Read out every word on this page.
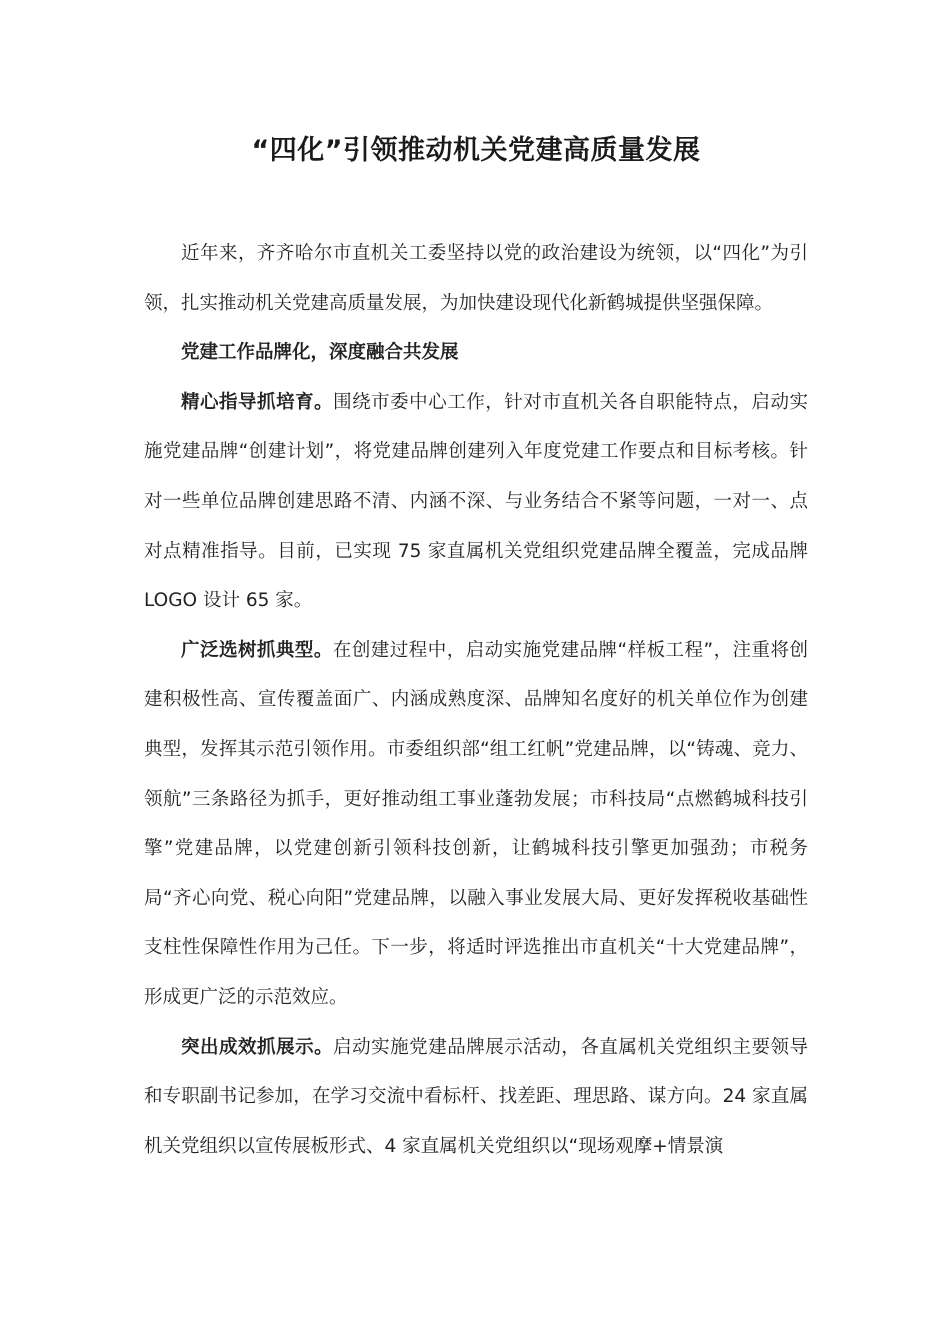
“四化”引领推动机关党建高质量发展

近年来，齐齐哈尔市直机关工委坚持以党的政治建设为统领，以“四化”为引领，扎实推动机关党建高质量发展，为加快建设现代化新鹤城提供坚强保障。

党建工作品牌化，深度融合共发展

精心指导抓培育。围绕市委中心工作，针对市直机关各自职能特点，启动实施党建品牌“创建计划”，将党建品牌创建列入年度党建工作要点和目标考核。针对一些单位品牌创建思路不清、内涵不深、与业务结合不紧等问题，一对一、点对点精准指导。目前，已实现 75 家直属机关党组织党建品牌全覆盖，完成品牌 LOGO 设计 65 家。

广泛选树抓典型。在创建过程中，启动实施党建品牌“样板工程”，注重将创建积极性高、宣传覆盖面广、内涵成熟度深、品牌知名度好的机关单位作为创建典型，发挥其示范引领作用。市委组织部“组工红帆”党建品牌，以“铸魂、竞力、领航”三条路径为抓手，更好推动组工事业蓬勃发展；市科技局“点燃鹤城科技引擎”党建品牌，以党建创新引领科技创新，让鹤城科技引擎更加强劲；市税务局“齐心向党、税心向阳”党建品牌，以融入事业发展大局、更好发挥税收基础性支柱性保障性作用为己任。下一步，将适时评选推出市直机关“十大党建品牌”，形成更广泛的示范效应。

突出成效抓展示。启动实施党建品牌展示活动，各直属机关党组织主要领导和专职副书记参加，在学习交流中看标杆、找差距、理思路、谋方向。24 家直属机关党组织以宣传展板形式、4 家直属机关党组织以“现场观摩+情景演
